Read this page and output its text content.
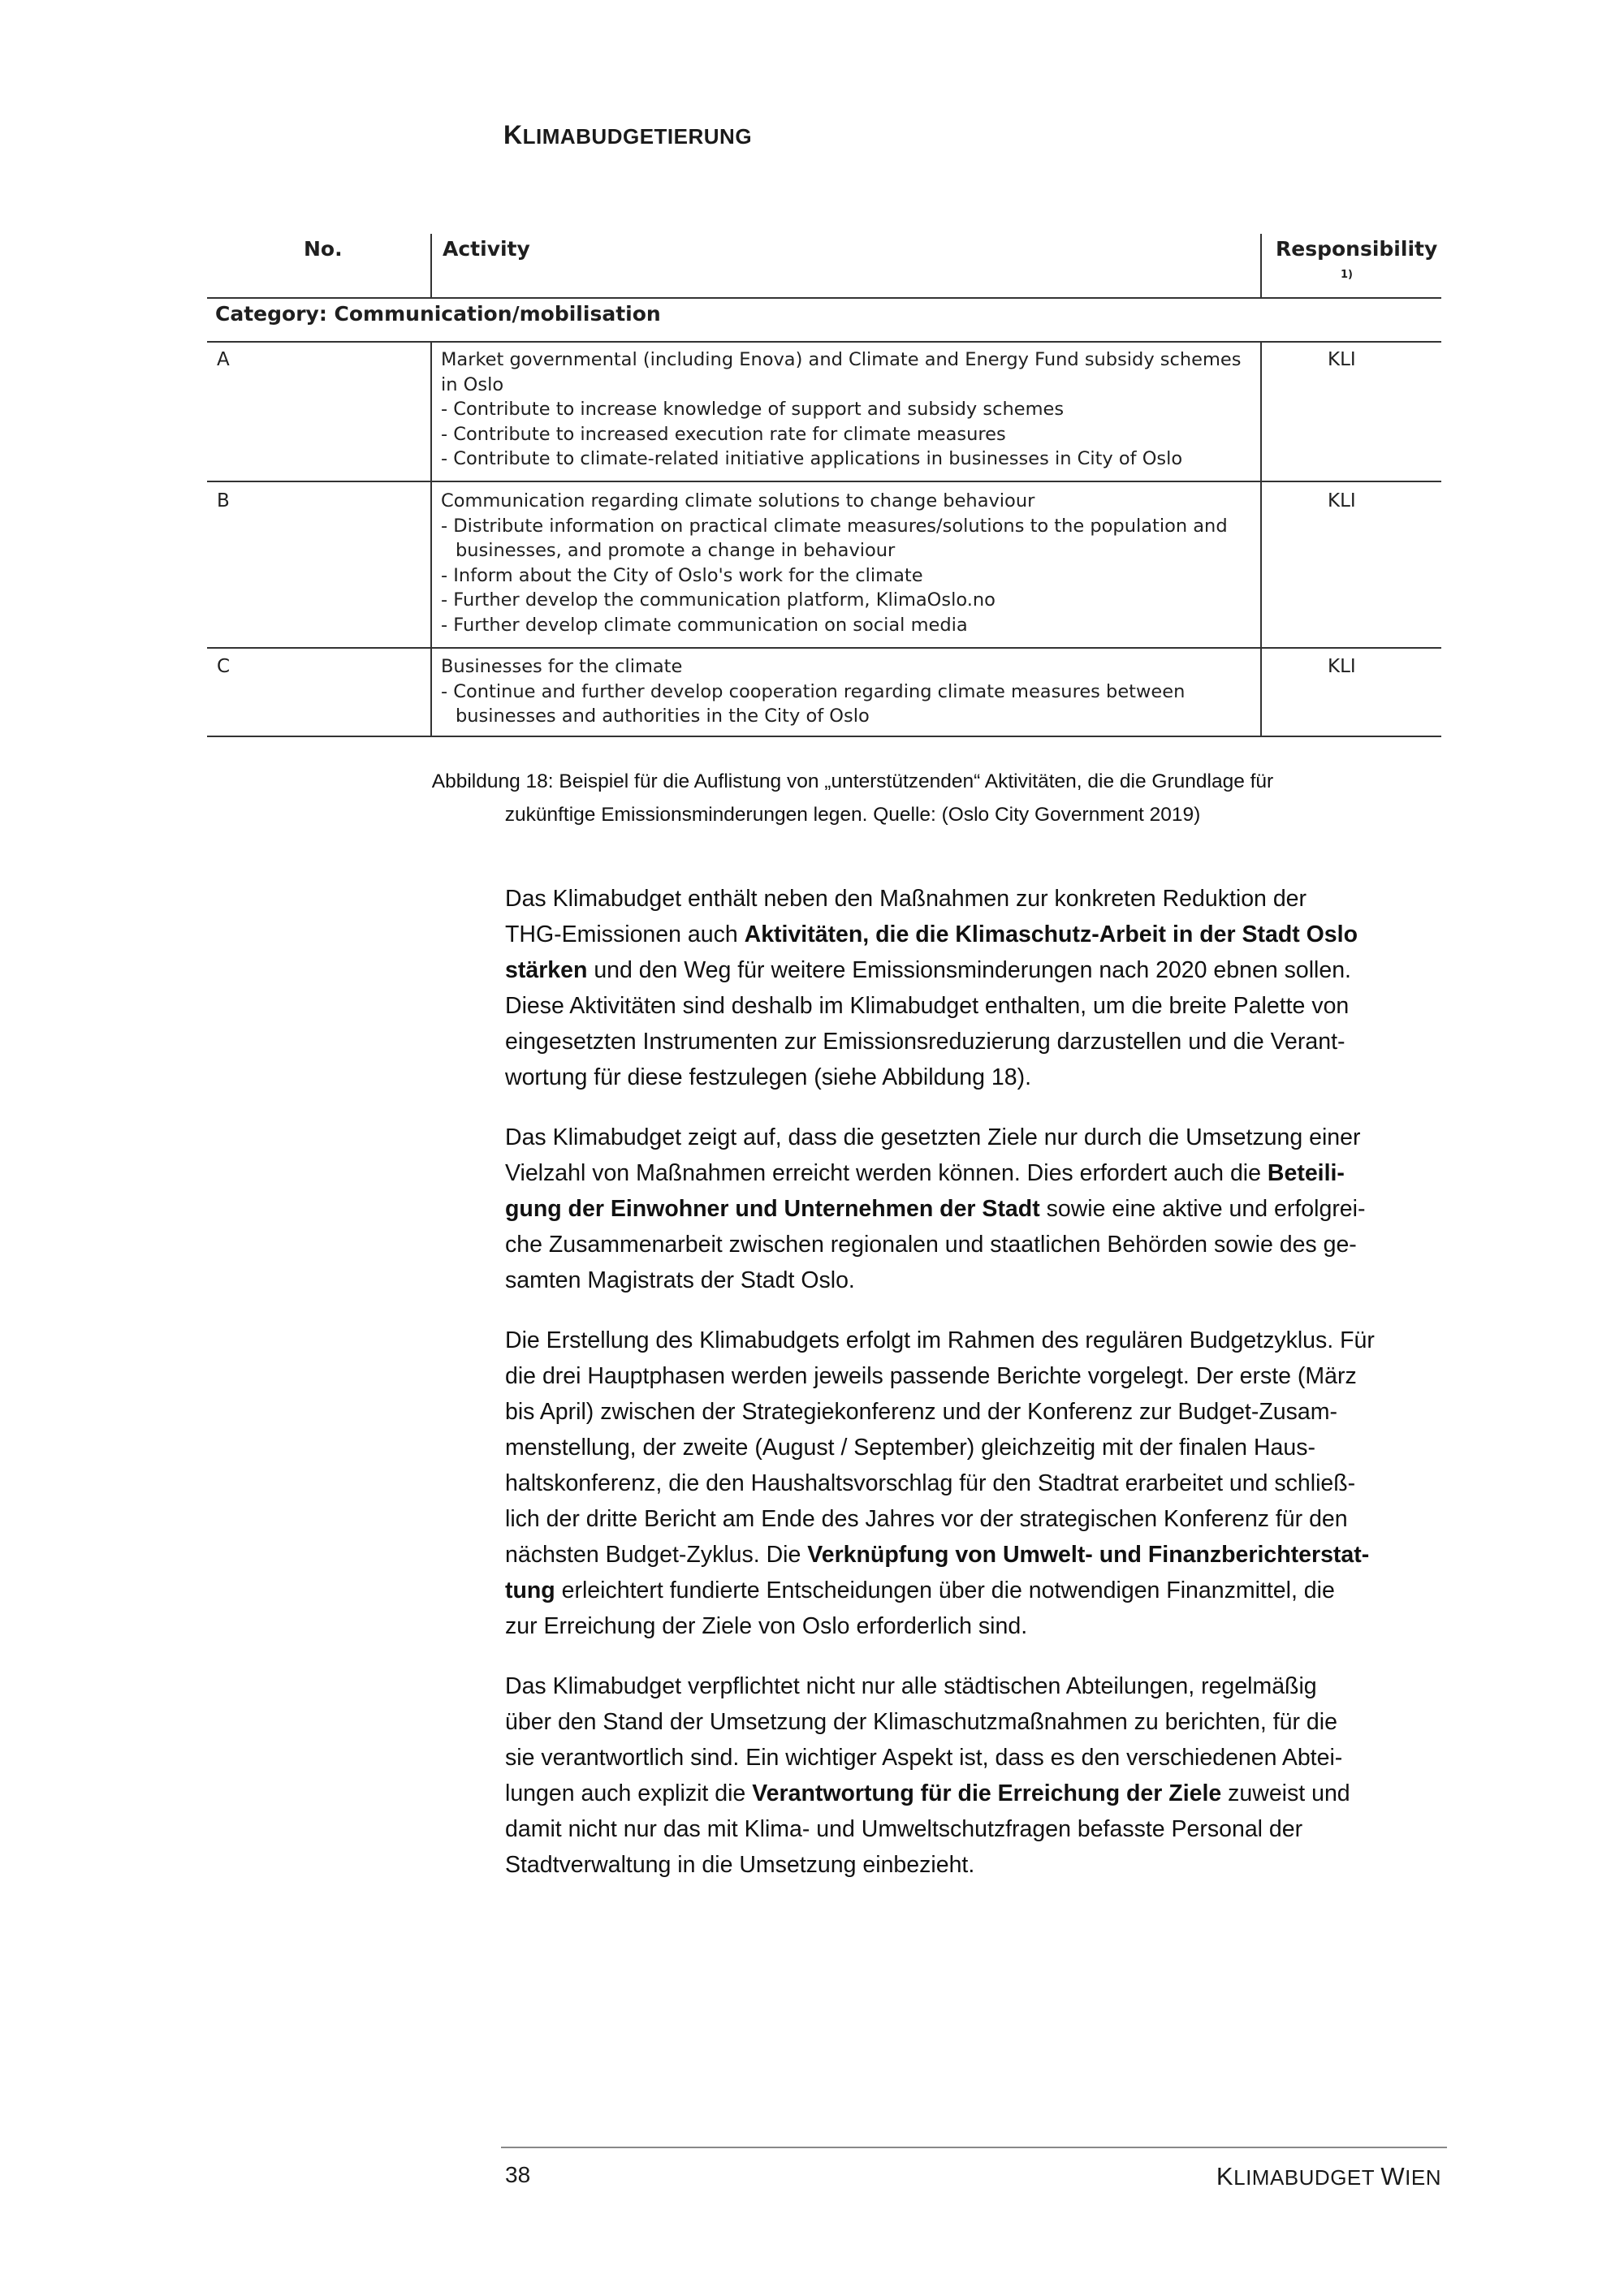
KLIMABUDGETIERUNG
No.	Activity	Responsibility
1)
Category: Communication/mobilisation
A	Market governmental (including Enova) and Climate and Energy Fund subsidy schemes
in Oslo
- Contribute to increase knowledge of support and subsidy schemes
- Contribute to increased execution rate for climate measures
- Contribute to climate-related initiative applications in businesses in City of Oslo
KLI
B	Communication regarding climate solutions to change behaviour
- Distribute information on practical climate measures/solutions to the population and
businesses, and promote a change in behaviour
- Inform about the City of Oslo's work for the climate
- Further develop the communication platform, KlimaOslo.no
- Further develop climate communication on social media
KLI
C	Businesses for the climate
- Continue and further develop cooperation regarding climate measures between
businesses and authorities in the City of Oslo
KLI
Abbildung 18: Beispiel für die Auflistung von „unterstützenden“ Aktivitäten, die die Grundlage für
zukünftige Emissionsminderungen legen. Quelle: (Oslo City Government 2019)

Das Klimabudget enthält neben den Maßnahmen zur konkreten Reduktion der
THG-Emissionen auch Aktivitäten, die die Klimaschutz-Arbeit in der Stadt Oslo
stärken und den Weg für weitere Emissionsminderungen nach 2020 ebnen sollen.
Diese Aktivitäten sind deshalb im Klimabudget enthalten, um die breite Palette von
eingesetzten Instrumenten zur Emissionsreduzierung darzustellen und die Verant-
wortung für diese festzulegen (siehe Abbildung 18).

Das Klimabudget zeigt auf, dass die gesetzten Ziele nur durch die Umsetzung einer
Vielzahl von Maßnahmen erreicht werden können. Dies erfordert auch die Beteili-
gung der Einwohner und Unternehmen der Stadt sowie eine aktive und erfolgrei-
che Zusammenarbeit zwischen regionalen und staatlichen Behörden sowie des ge-
samten Magistrats der Stadt Oslo.

Die Erstellung des Klimabudgets erfolgt im Rahmen des regulären Budgetzyklus. Für
die drei Hauptphasen werden jeweils passende Berichte vorgelegt. Der erste (März
bis April) zwischen der Strategiekonferenz und der Konferenz zur Budget-Zusam-
menstellung, der zweite (August / September) gleichzeitig mit der finalen Haus-
haltskonferenz, die den Haushaltsvorschlag für den Stadtrat erarbeitet und schließ-
lich der dritte Bericht am Ende des Jahres vor der strategischen Konferenz für den
nächsten Budget-Zyklus. Die Verknüpfung von Umwelt- und Finanzberichterstat-
tung erleichtert fundierte Entscheidungen über die notwendigen Finanzmittel, die
zur Erreichung der Ziele von Oslo erforderlich sind.

Das Klimabudget verpflichtet nicht nur alle städtischen Abteilungen, regelmäßig
über den Stand der Umsetzung der Klimaschutzmaßnahmen zu berichten, für die
sie verantwortlich sind. Ein wichtiger Aspekt ist, dass es den verschiedenen Abtei-
lungen auch explizit die Verantwortung für die Erreichung der Ziele zuweist und
damit nicht nur das mit Klima- und Umweltschutzfragen befasste Personal der
Stadtverwaltung in die Umsetzung einbezieht.

38	KLIMABUDGET WIEN
